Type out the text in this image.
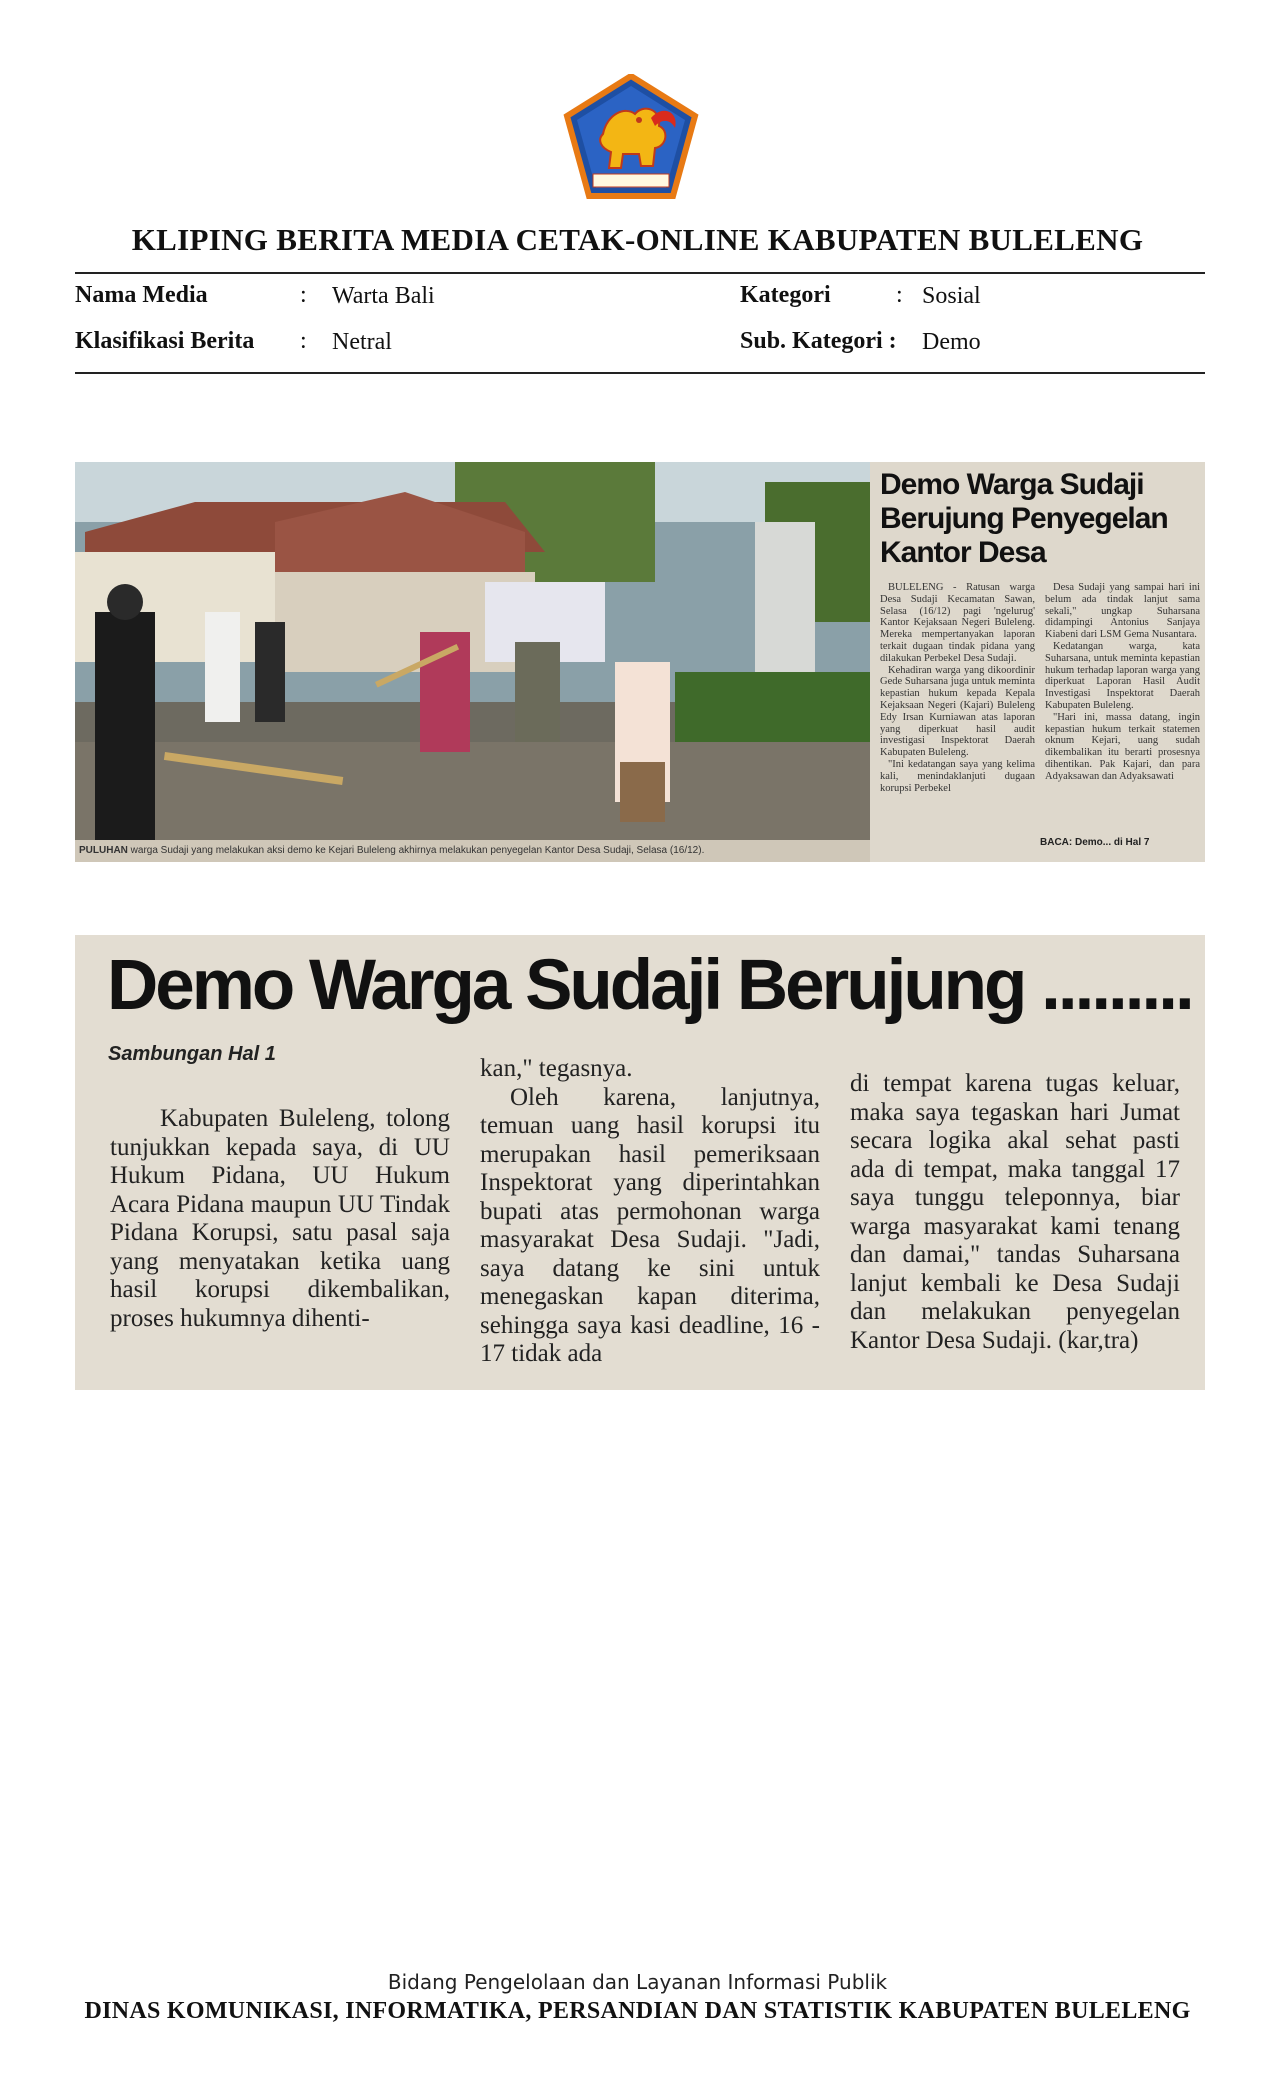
KLIPING BERITA MEDIA CETAK-ONLINE KABUPATEN BULELENG
Nama Media	: Warta Bali
Klasifikasi Berita : Netral
Kategori	: Sosial
Sub. Kategori : Demo
PULUHAN warga Sudaji yang melakukan aksi demo ke Kejari Buleleng akhirnya melakukan penyegelan Kantor Desa Sudaji, Selasa (16/12).
Demo Warga Sudaji Berujung Penyegelan Kantor Desa

BULELENG - Ratusan warga Desa Sudaji Kecamatan Sawan, Selasa (16/12) pagi 'ngelurug' Kantor Kejaksaan Negeri Buleleng. Mereka mempertanyakan laporan terkait dugaan tindak pidana yang dilakukan Perbekel Desa Sudaji.

Kehadiran warga yang dikoordinir Gede Suharsana juga untuk meminta kepastian hukum kepada Kepala Kejaksaan Negeri (Kajari) Buleleng Edy Irsan Kurniawan atas laporan yang diperkuat hasil audit investigasi Inspektorat Daerah Kabupaten Buleleng.

"Ini kedatangan saya yang kelima kali, menindaklanjuti dugaan korupsi Perbekel

Desa Sudaji yang sampai hari ini belum ada tindak lanjut sama sekali," ungkap Suharsana didampingi Antonius Sanjaya Kiabeni dari LSM Gema Nusantara.

Kedatangan warga, kata Suharsana, untuk meminta kepastian hukum terhadap laporan warga yang diperkuat Laporan Hasil Audit Investigasi Inspektorat Daerah Kabupaten Buleleng.

"Hari ini, massa datang, ingin kepastian hukum terkait statemen oknum Kejari, uang sudah dikembalikan itu berarti prosesnya dihentikan. Pak Kajari, dan para Adyaksawan dan Adyaksawati

BACA: Demo... di Hal 7
Demo Warga Sudaji Berujung .........
Sambungan Hal 1

Kabupaten Buleleng, tolong tunjukkan kepada saya, di UU Hukum Pidana, UU Hukum Acara Pidana maupun UU Tindak Pidana Korupsi, satu pasal saja yang menyatakan ketika uang hasil korupsi dikembalikan, proses hukumnya dihenti-

kan," tegasnya.

Oleh karena, lanjutnya, temuan uang hasil korupsi itu merupakan hasil pemeriksaan Inspektorat yang diperintahkan bupati atas permohonan warga masyarakat Desa Sudaji. "Jadi, saya datang ke sini untuk menegaskan kapan diterima, sehingga saya kasi deadline, 16 - 17 tidak ada

di tempat karena tugas keluar, maka saya tegaskan hari Jumat secara logika akal sehat pasti ada di tempat, maka tanggal 17 saya tunggu teleponnya, biar warga masyarakat kami tenang dan damai," tandas Suharsana lanjut kembali ke Desa Sudaji dan melakukan penyegelan Kantor Desa Sudaji. (kar,tra)

Bidang Pengelolaan dan Layanan Informasi Publik
DINAS KOMUNIKASI, INFORMATIKA, PERSANDIAN DAN STATISTIK KABUPATEN BULELENG
